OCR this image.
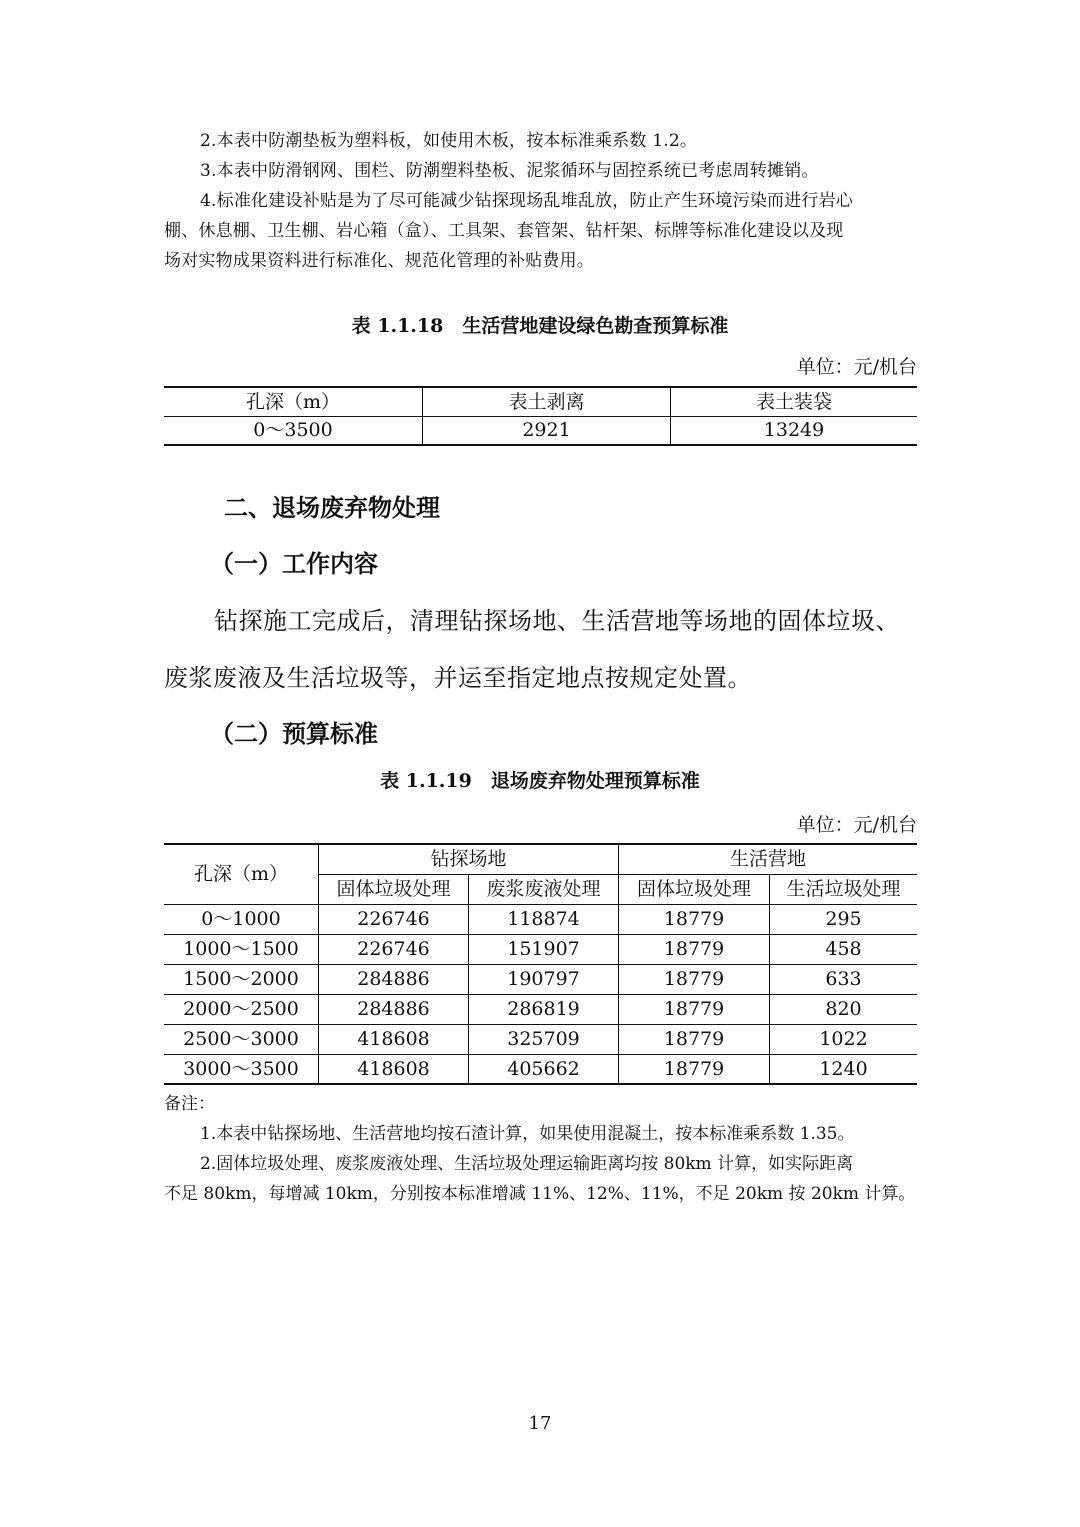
2.本表中防潮垫板为塑料板，如使用木板，按本标准乘系数 1.2。
3.本表中防滑钢网、围栏、防潮塑料垫板、泥浆循环与固控系统已考虑周转摊销。
4.标准化建设补贴是为了尽可能减少钻探现场乱堆乱放，防止产生环境污染而进行岩心
棚、休息棚、卫生棚、岩心箱（盒）、工具架、套管架、钻杆架、标牌等标准化建设以及现
场对实物成果资料进行标准化、规范化管理的补贴费用。
表 1.1.18　生活营地建设绿色勘查预算标准
单位：元/机台
孔深（m）	表土剥离	表土装袋
0～3500	2921	13249
二、退场废弃物处理
（一）工作内容
钻探施工完成后，清理钻探场地、生活营地等场地的固体垃圾、
废浆废液及生活垃圾等，并运至指定地点按规定处置。
（二）预算标准
表 1.1.19　退场废弃物处理预算标准
单位：元/机台
孔深（m）	钻探场地		生活营地	
	固体垃圾处理	废浆废液处理	固体垃圾处理	生活垃圾处理
0～1000	226746	118874	18779	295
1000～1500	226746	151907	18779	458
1500～2000	284886	190797	18779	633
2000～2500	284886	286819	18779	820
2500～3000	418608	325709	18779	1022
3000～3500	418608	405662	18779	1240
备注：
1.本表中钻探场地、生活营地均按石渣计算，如果使用混凝土，按本标准乘系数 1.35。
2.固体垃圾处理、废浆废液处理、生活垃圾处理运输距离均按 80km 计算，如实际距离
不足 80km，每增减 10km，分别按本标准增减 11%、12%、11%，不足 20km 按 20km 计算。
17
